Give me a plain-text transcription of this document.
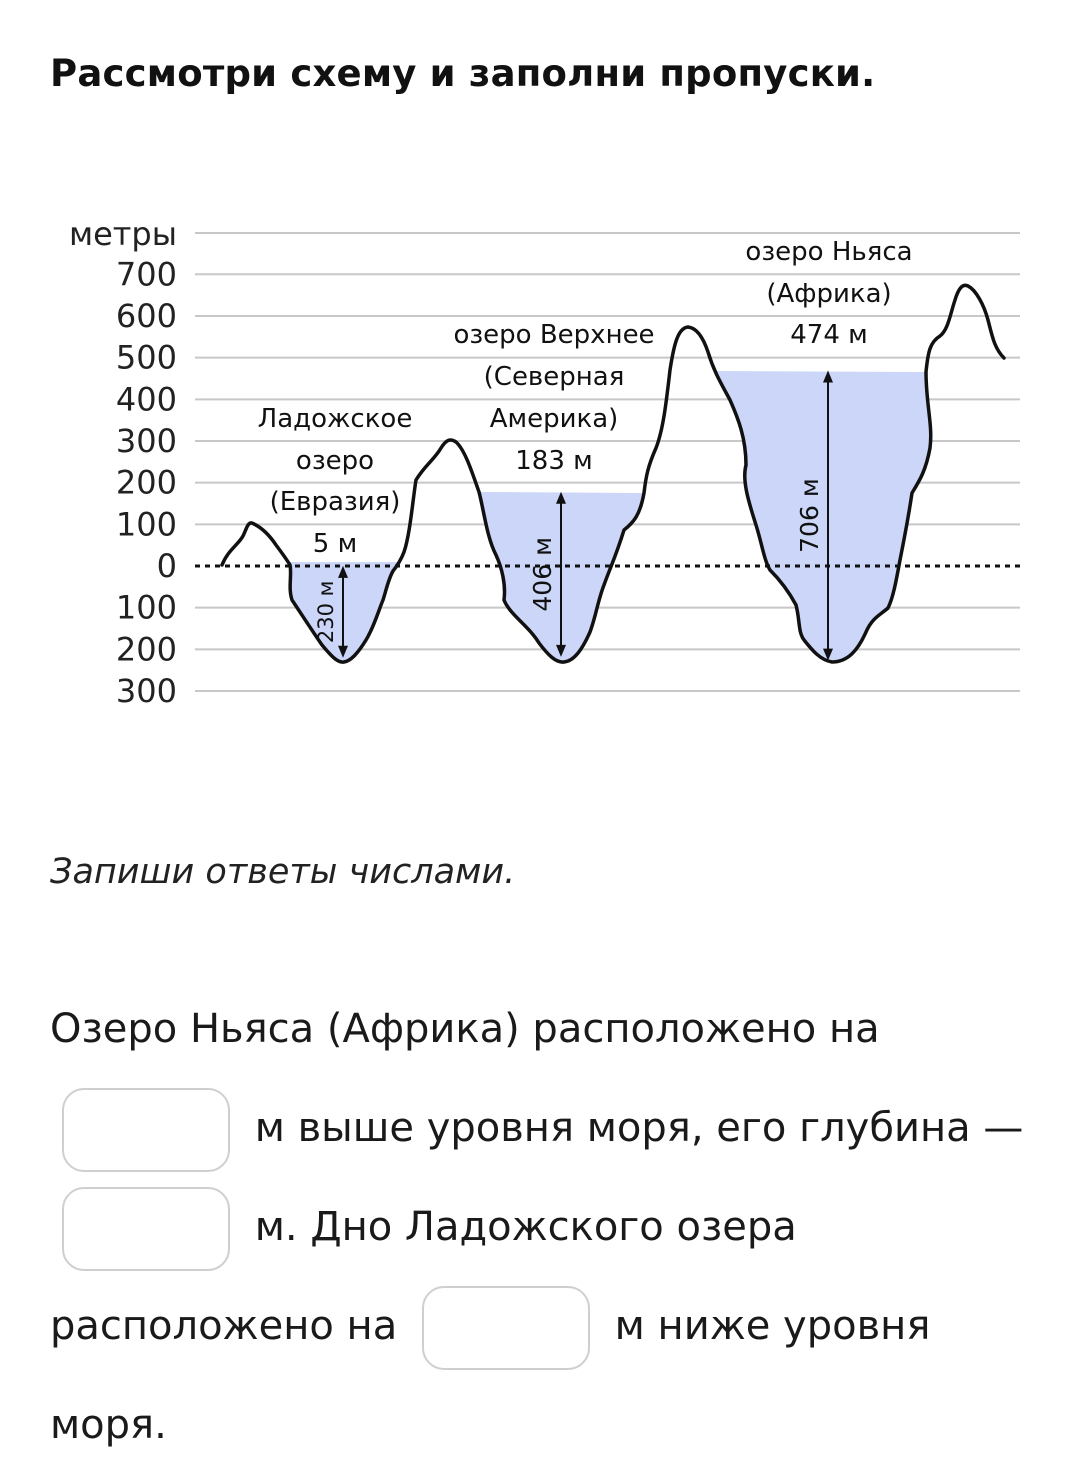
Рассмотри схему и заполни пропуски.
метры
700
600
500
400
300
200
100
0
100
200
300
230 м
406 м
706 м
Ладожское
озеро
(Евразия)
5 м
озеро Верхнее
(Северная
Америка)
183 м
озеро Ньяса
(Африка)
474 м
Запиши ответы числами.
Озеро Ньяса (Африка) расположено на  м выше уровня моря, его глубина —  м. Дно Ладожского озера расположено на	м ниже уровня моря.
